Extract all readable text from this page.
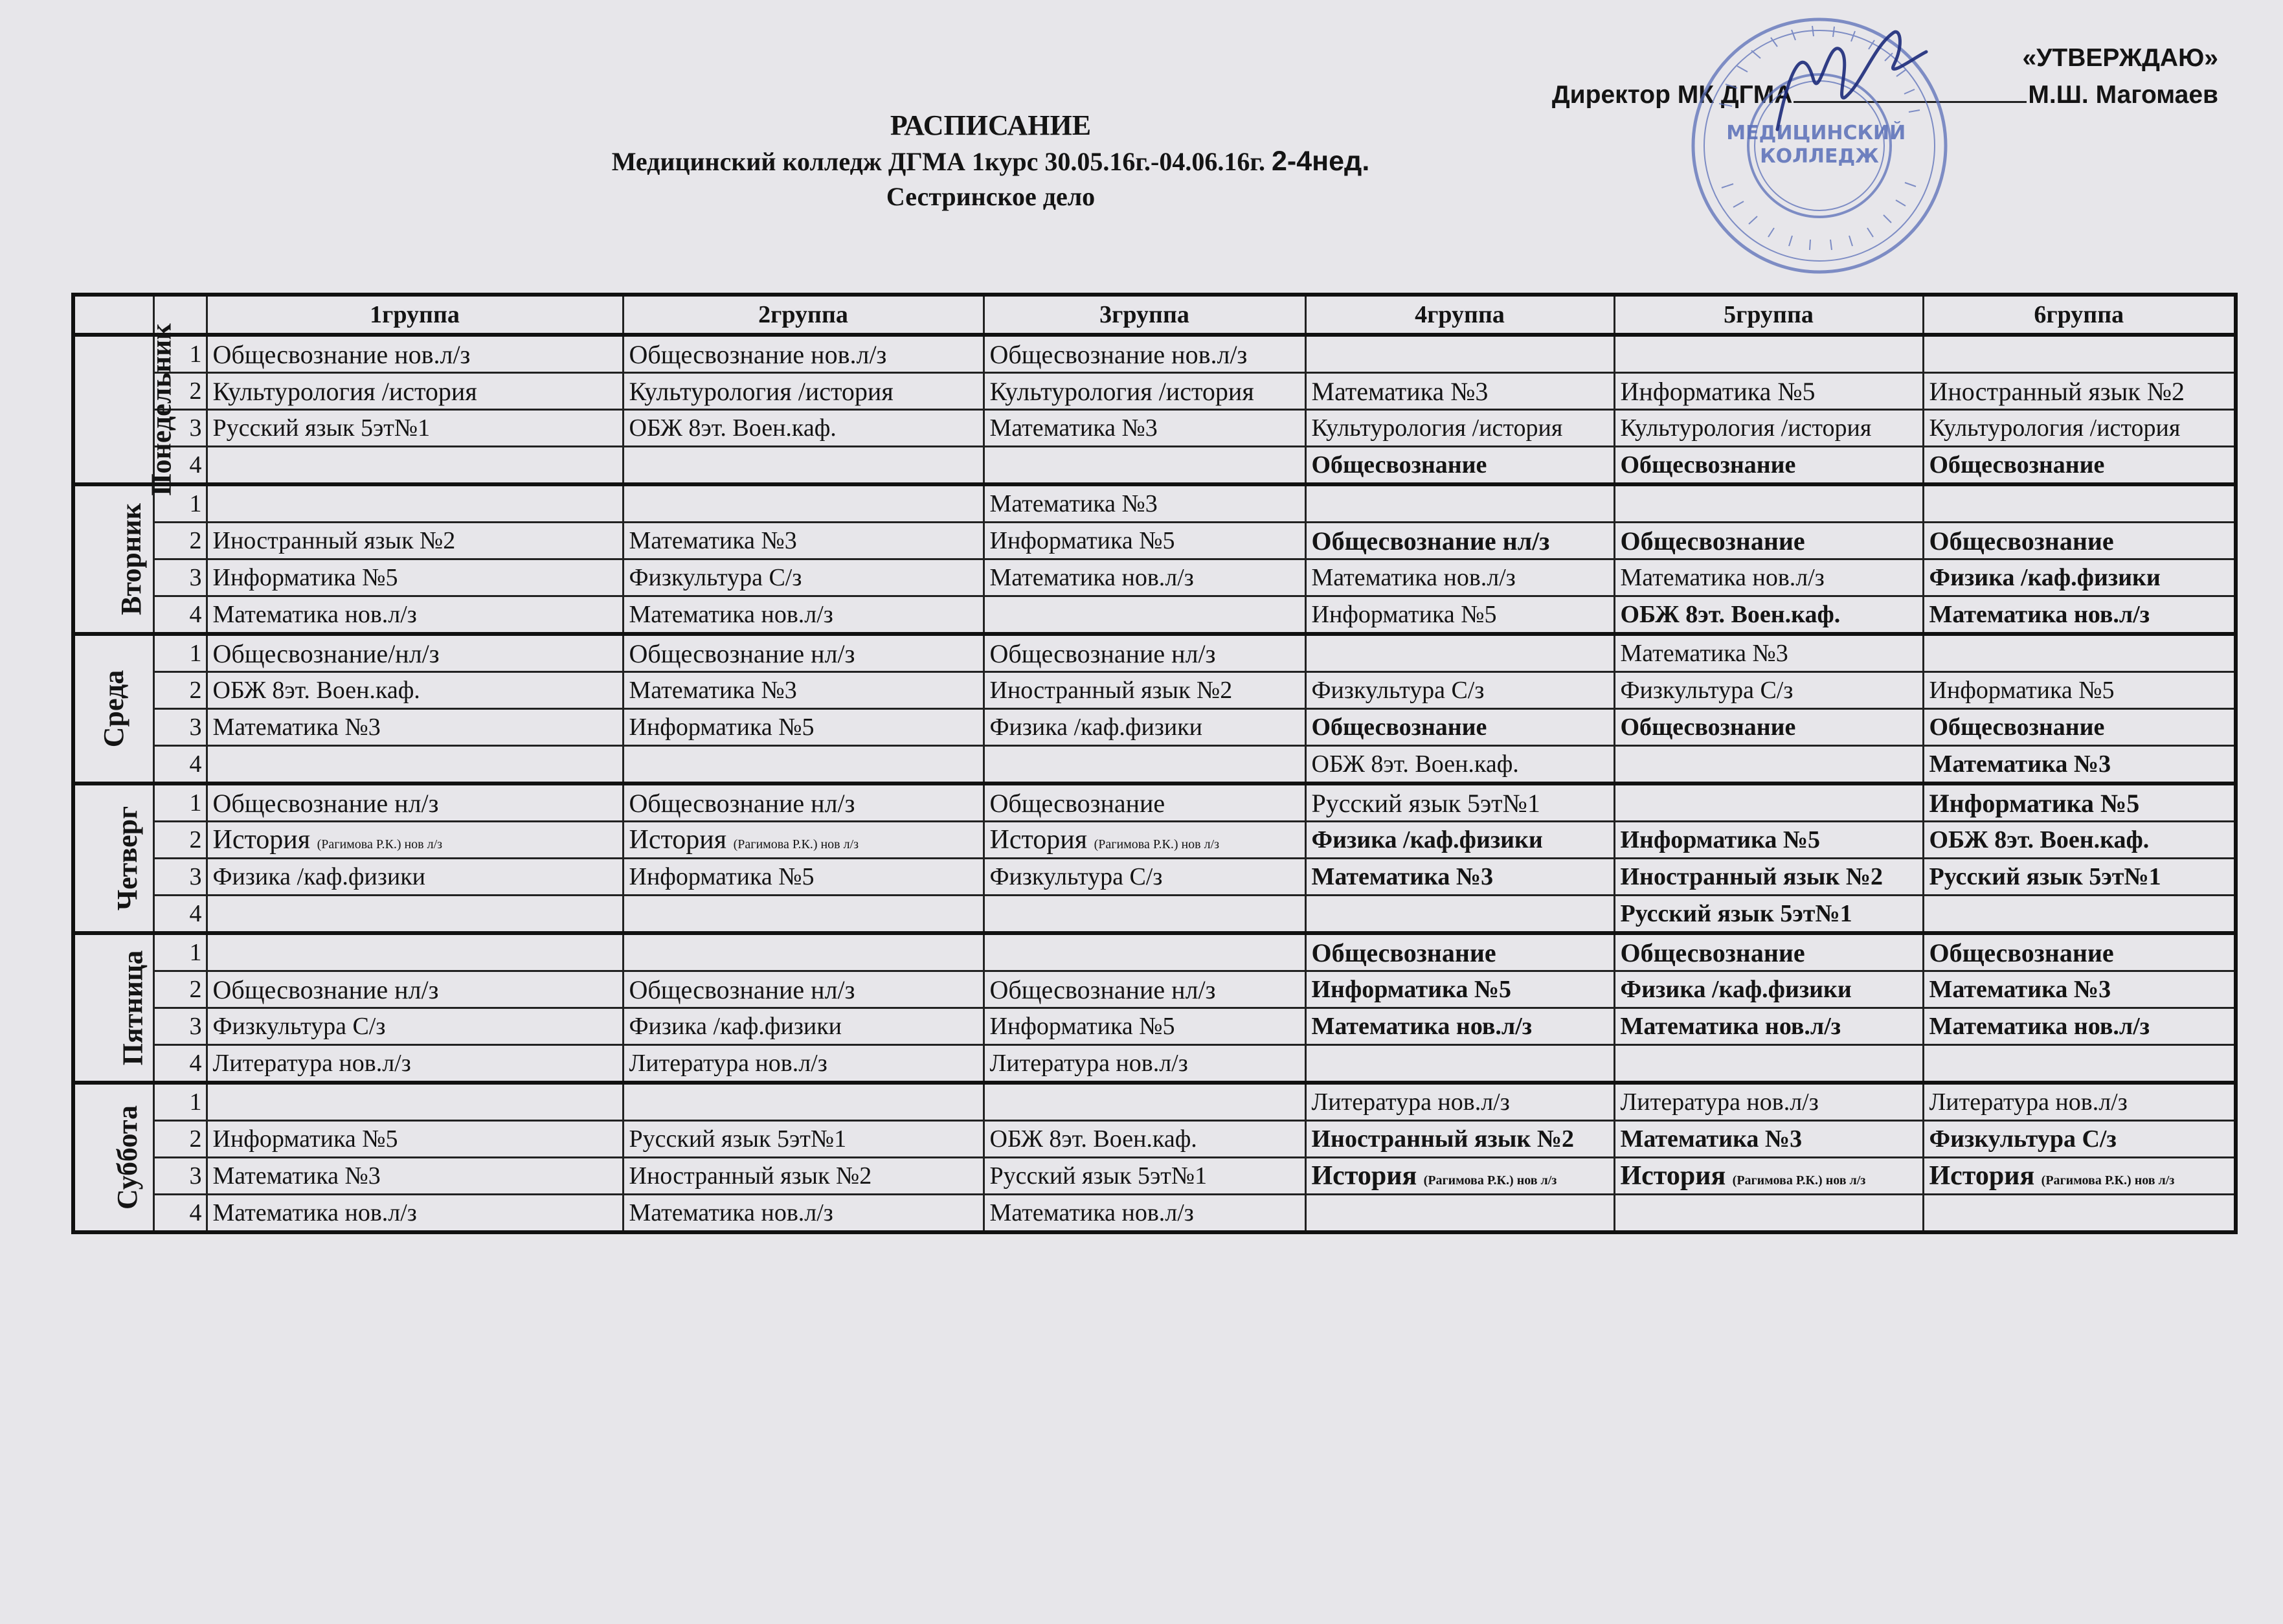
«УТВЕРЖДАЮ»
Директор МК ДГМА	М.Ш. Магомаев
МЕДИЦИНСКИЙ КОЛЛЕДЖ
РАСПИСАНИЕ
Медицинский колледж ДГМА 1курс 30.05.16г.-04.06.16г. 2-4нед.
Сестринское дело
		1группа	2группа	3группа	4группа	5группа	6группа
Понедельник	1	Общесвознание нов.л/з	Общесвознание нов.л/з	Общесвознание нов.л/з			
	2	Культурология /история	Культурология /история	Культурология /история	Математика №3	Информатика №5	Иностранный язык №2
	3	Русский язык 5эт№1	ОБЖ 8эт. Воен.каф.	Математика №3	Культурология /история	Культурология /история	Культурология /история
	4				Общесвознание	Общесвознание	Общесвознание
Вторник	1			Математика №3			
	2	Иностранный язык №2	Математика №3	Информатика №5	Общесвознание нл/з	Общесвознание	Общесвознание
	3	Информатика №5	Физкультура С/з	Математика нов.л/з	Математика нов.л/з	Математика нов.л/з	Физика /каф.физики
	4	Математика нов.л/з	Математика нов.л/з		Информатика №5	ОБЖ 8эт. Воен.каф.	Математика нов.л/з
Среда	1	Общесвознание/нл/з	Общесвознание нл/з	Общесвознание нл/з		Математика №3	
	2	ОБЖ 8эт. Воен.каф.	Математика №3	Иностранный язык №2	Физкультура С/з	Физкультура С/з	Информатика №5
	3	Математика №3	Информатика №5	Физика /каф.физики	Общесвознание	Общесвознание	Общесвознание
	4				ОБЖ 8эт. Воен.каф.		Математика №3
Четверг	1	Общесвознание нл/з	Общесвознание нл/з	Общесвознание	Русский язык 5эт№1		Информатика №5
	2	История (Рагимова Р.К.) нов л/з	История (Рагимова Р.К.) нов л/з	История (Рагимова Р.К.) нов л/з	Физика /каф.физики	Информатика №5	ОБЖ 8эт. Воен.каф.
	3	Физика /каф.физики	Информатика №5	Физкультура С/з	Математика №3	Иностранный язык №2	Русский язык 5эт№1
	4					Русский язык 5эт№1	
Пятница	1				Общесвознание	Общесвознание	Общесвознание
	2	Общесвознание нл/з	Общесвознание нл/з	Общесвознание нл/з	Информатика №5	Физика /каф.физики	Математика №3
	3	Физкультура С/з	Физика /каф.физики	Информатика №5	Математика нов.л/з	Математика нов.л/з	Математика нов.л/з
	4	Литература нов.л/з	Литература нов.л/з	Литература нов.л/з			
Суббота	1				Литература нов.л/з	Литература нов.л/з	Литература нов.л/з
	2	Информатика №5	Русский язык 5эт№1	ОБЖ 8эт. Воен.каф.	Иностранный язык №2	Математика №3	Физкультура С/з
	3	Математика №3	Иностранный язык №2	Русский язык 5эт№1	История (Рагимова Р.К.) нов л/з	История (Рагимова Р.К.) нов л/з	История (Рагимова Р.К.) нов л/з
	4	Математика нов.л/з	Математика нов.л/з	Математика нов.л/з			
